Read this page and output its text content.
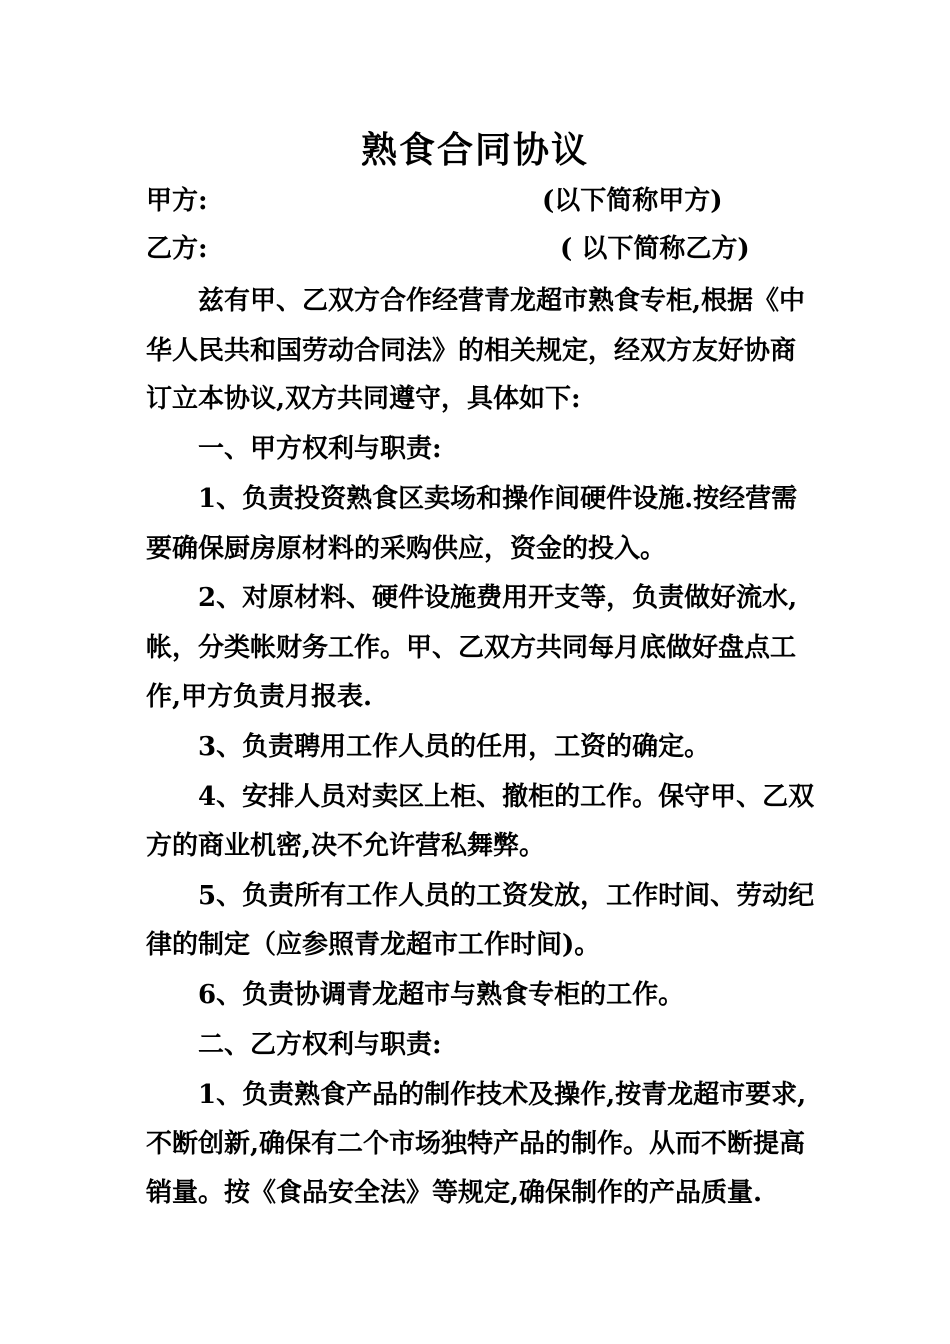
熟食合同协议
甲方:	(以下简称甲方)
乙方:	( 以下简称乙方)
　　兹有甲、乙双方合作经营青龙超市熟食专柜,根据《中
华人民共和国劳动合同法》的相关规定，经双方友好协商
订立本协议,双方共同遵守，具体如下:
　　一、甲方权利与职责:
　　1、负责投资熟食区卖场和操作间硬件设施.按经营需
要确保厨房原材料的采购供应，资金的投入。
　　2、对原材料、硬件设施费用开支等，负责做好流水,
帐，分类帐财务工作。甲、乙双方共同每月底做好盘点工
作,甲方负责月报表.
　　3、负责聘用工作人员的任用，工资的确定。
　　4、安排人员对卖区上柜、撤柜的工作。保守甲、乙双
方的商业机密,决不允许营私舞弊。
　　5、负责所有工作人员的工资发放，工作时间、劳动纪
律的制定（应参照青龙超市工作时间)。
　　6、负责协调青龙超市与熟食专柜的工作。
　　二、乙方权利与职责:
　　1、负责熟食产品的制作技术及操作,按青龙超市要求,
不断创新,确保有二个市场独特产品的制作。从而不断提高
销量。按《食品安全法》等规定,确保制作的产品质量.
